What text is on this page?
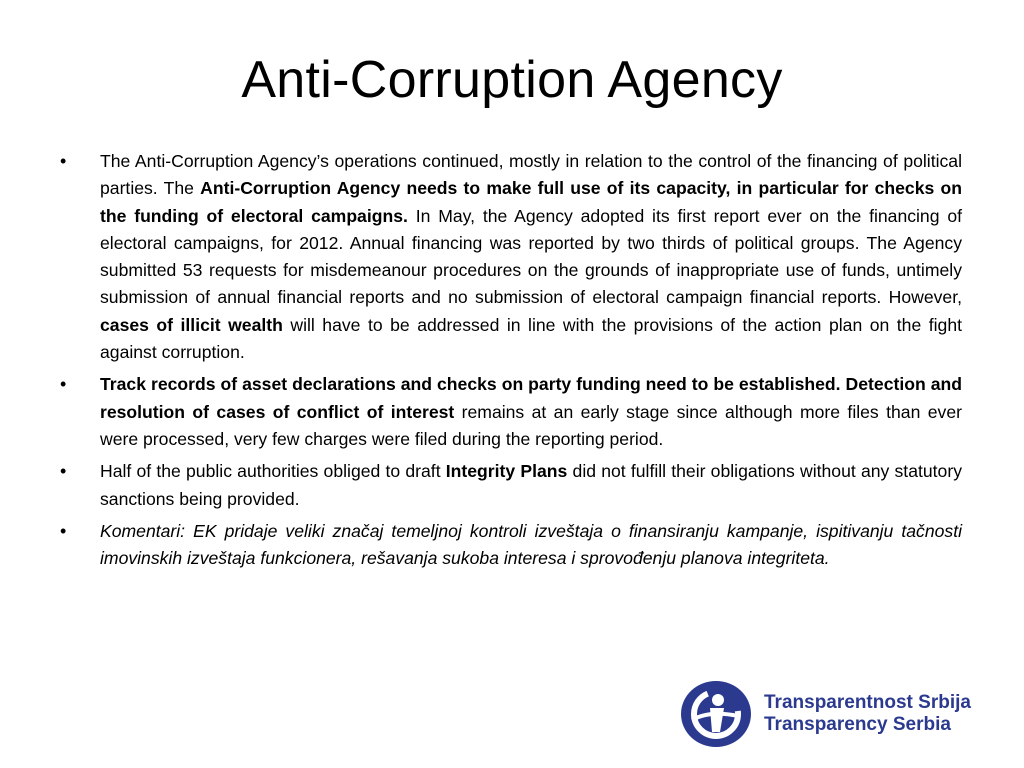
Anti-Corruption Agency
• The Anti-Corruption Agency’s operations continued, mostly in relation to the control of the financing of political parties. The Anti-Corruption Agency needs to make full use of its capacity, in particular for checks on the funding of electoral campaigns. In May, the Agency adopted its first report ever on the financing of electoral campaigns, for 2012. Annual financing was reported by two thirds of political groups. The Agency submitted 53 requests for misdemeanour procedures on the grounds of inappropriate use of funds, untimely submission of annual financial reports and no submission of electoral campaign financial reports. However, cases of illicit wealth will have to be addressed in line with the provisions of the action plan on the fight against corruption.
• Track records of asset declarations and checks on party funding need to be established. Detection and resolution of cases of conflict of interest remains at an early stage since although more files than ever were processed, very few charges were filed during the reporting period.
• Half of the public authorities obliged to draft Integrity Plans did not fulfill their obligations without any statutory sanctions being provided.
• Komentari: EK pridaje veliki značaj temeljnoj kontroli izveštaja o finansiranju kampanje, ispitivanju tačnosti imovinskih izveštaja funkcionera, rešavanja sukoba interesa i sprovođenju planova integriteta.
Transparentnost Srbija
Transparency Serbia
